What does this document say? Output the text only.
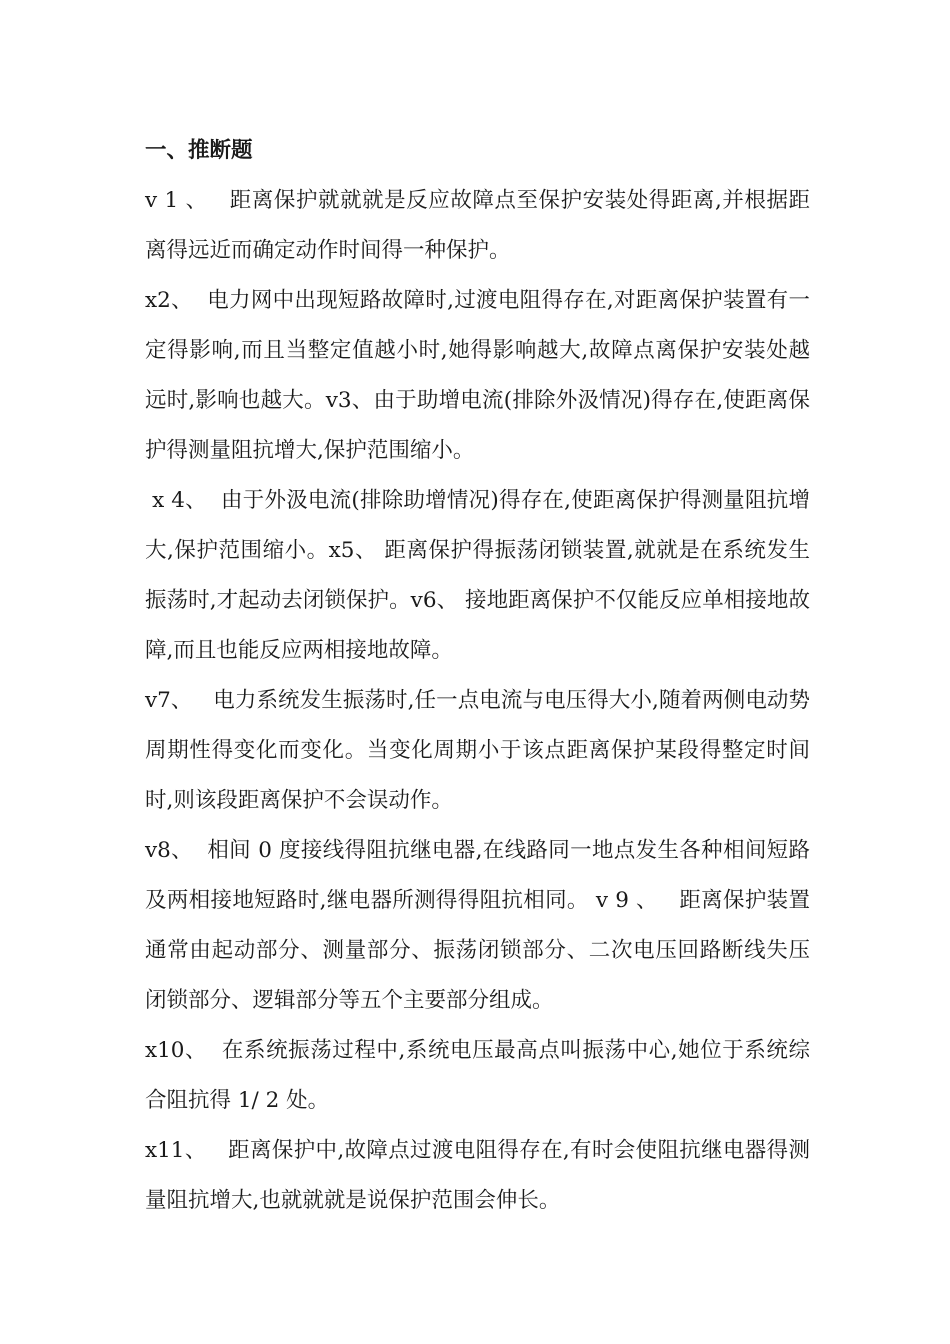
一、推断题

v 1 、   距离保护就就就是反应故障点至保护安装处得距离,并根据距离得远近而确定动作时间得一种保护。

x2、  电力网中出现短路故障时,过渡电阻得存在,对距离保护装置有一定得影响,而且当整定值越小时,她得影响越大,故障点离保护安装处越远时,影响也越大。v3、由于助增电流(排除外汲情况)得存在,使距离保护得测量阻抗增大,保护范围缩小。

x 4、  由于外汲电流(排除助增情况)得存在,使距离保护得测量阻抗增大,保护范围缩小。x5、 距离保护得振荡闭锁装置,就就是在系统发生振荡时,才起动去闭锁保护。v6、 接地距离保护不仅能反应单相接地故障,而且也能反应两相接地故障。

v7、   电力系统发生振荡时,任一点电流与电压得大小,随着两侧电动势周期性得变化而变化。当变化周期小于该点距离保护某段得整定时间时,则该段距离保护不会误动作。

v8、  相间 0 度接线得阻抗继电器,在线路同一地点发生各种相间短路及两相接地短路时,继电器所测得得阻抗相同。 v 9 、   距离保护装置通常由起动部分、测量部分、振荡闭锁部分、二次电压回路断线失压闭锁部分、逻辑部分等五个主要部分组成。

x10、  在系统振荡过程中,系统电压最高点叫振荡中心,她位于系统综合阻抗得 1/ 2 处。

x11、   距离保护中,故障点过渡电阻得存在,有时会使阻抗继电器得测量阻抗增大,也就就就是说保护范围会伸长。
